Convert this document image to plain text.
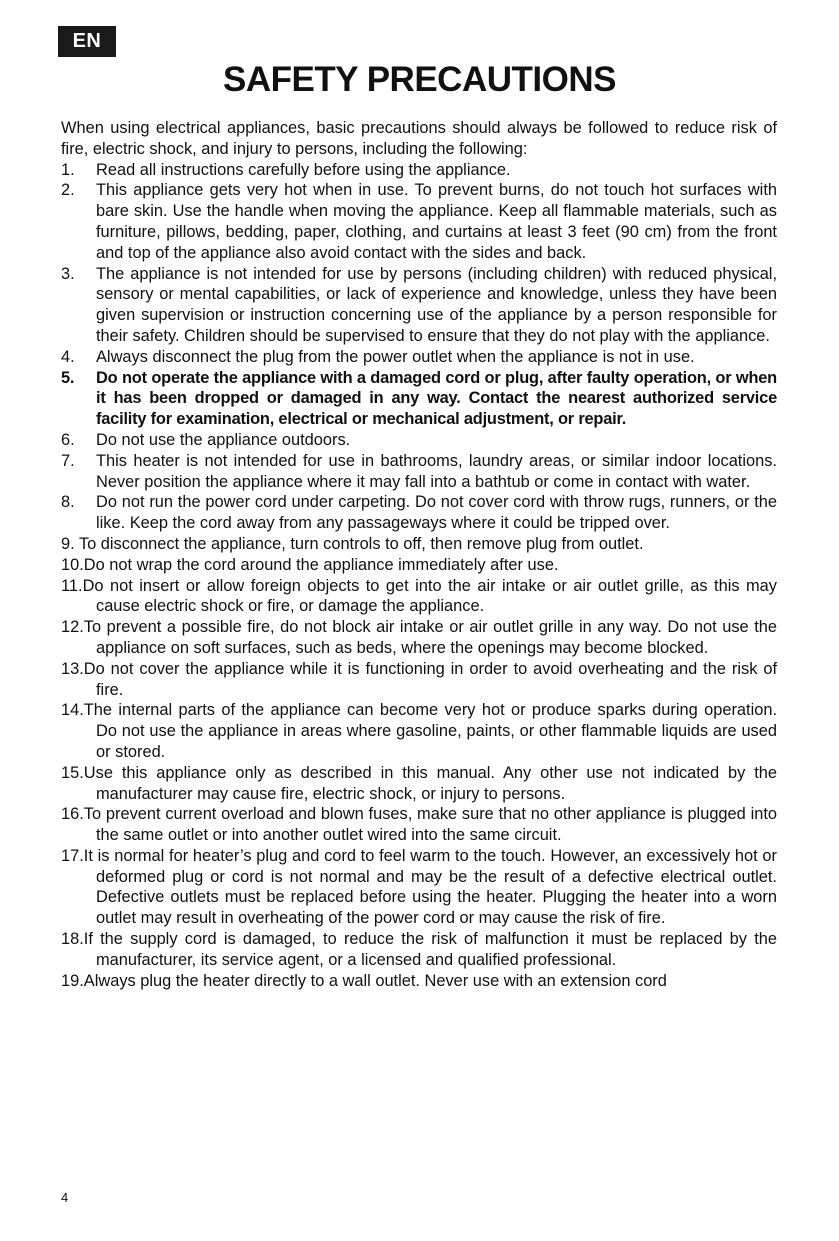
EN
SAFETY PRECAUTIONS

When using electrical appliances, basic precautions should always be followed to reduce risk of fire, electric shock, and injury to persons, including the following:

1. Read all instructions carefully before using the appliance.
2. This appliance gets very hot when in use. To prevent burns, do not touch hot surfaces with bare skin. Use the handle when moving the appliance. Keep all flammable materials, such as furniture, pillows, bedding, paper, clothing, and curtains at least 3 feet (90 cm) from the front and top of the appliance also avoid contact with the sides and back.
3. The appliance is not intended for use by persons (including children) with reduced physical, sensory or mental capabilities, or lack of experience and knowledge, unless they have been given supervision or instruction concerning use of the appliance by a person responsible for their safety. Children should be supervised to ensure that they do not play with the appliance.
4. Always disconnect the plug from the power outlet when the appliance is not in use.
5. Do not operate the appliance with a damaged cord or plug, after faulty operation, or when it has been dropped or damaged in any way. Contact the nearest authorized service facility for examination, electrical or mechanical adjustment, or repair.
6. Do not use the appliance outdoors.
7. This heater is not intended for use in bathrooms, laundry areas, or similar indoor locations. Never position the appliance where it may fall into a bathtub or come in contact with water.
8. Do not run the power cord under carpeting. Do not cover cord with throw rugs, runners, or the like. Keep the cord away from any passageways where it could be tripped over.
9. To disconnect the appliance, turn controls to off, then remove plug from outlet.
10.Do not wrap the cord around the appliance immediately after use.
11.Do not insert or allow foreign objects to get into the air intake or air outlet grille, as this may cause electric shock or fire, or damage the appliance.
12.To prevent a possible fire, do not block air intake or air outlet grille in any way. Do not use the appliance on soft surfaces, such as beds, where the openings may become blocked.
13.Do not cover the appliance while it is functioning in order to avoid overheating and the risk of fire.
14.The internal parts of the appliance can become very hot or produce sparks during operation. Do not use the appliance in areas where gasoline, paints, or other flammable liquids are used or stored.
15.Use this appliance only as described in this manual. Any other use not indicated by the manufacturer may cause fire, electric shock, or injury to persons.
16.To prevent current overload and blown fuses, make sure that no other appliance is plugged into the same outlet or into another outlet wired into the same circuit.
17.It is normal for heater’s plug and cord to feel warm to the touch. However, an excessively hot or deformed plug or cord is not normal and may be the result of a defective electrical outlet. Defective outlets must be replaced before using the heater. Plugging the heater into a worn outlet may result in overheating of the power cord or may cause the risk of fire.
18.If the supply cord is damaged, to reduce the risk of malfunction it must be replaced by the manufacturer, its service agent, or a licensed and qualified professional.
19.Always plug the heater directly to a wall outlet. Never use with an extension cord
4
